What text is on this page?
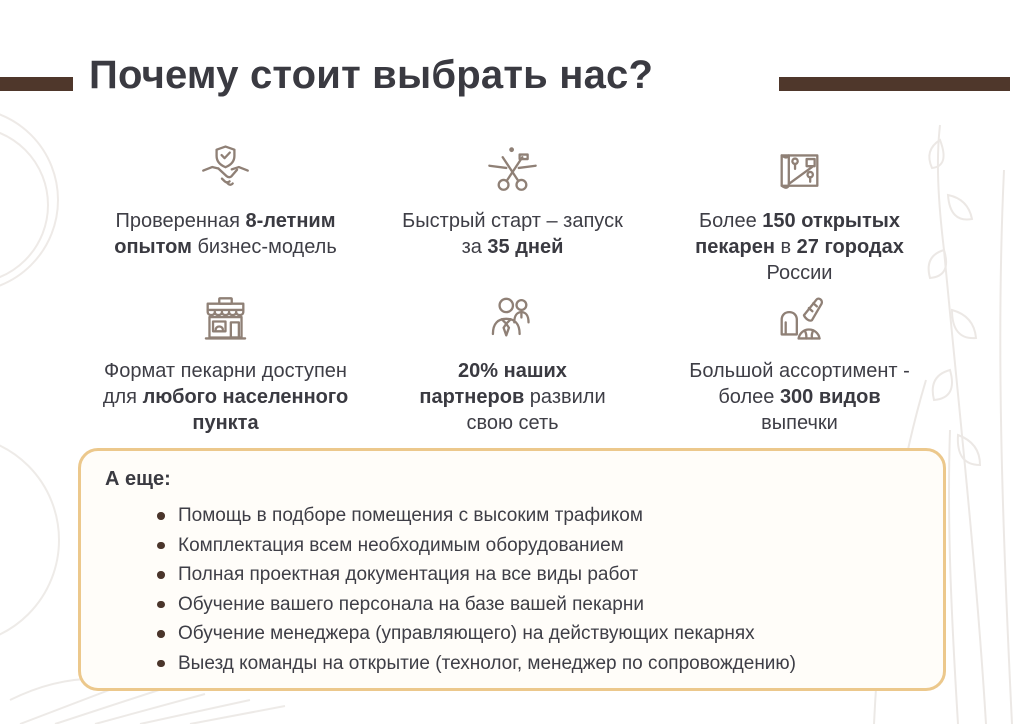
Почему стоит выбрать нас?
Проверенная 8-летним
опытом бизнес-модель
Быстрый старт – запуск
за 35 дней
Более 150 открытых
пекарен в 27 городах
России
Формат пекарни доступен
для любого населенного
пункта
20% наших
партнеров развили
свою сеть
Большой ассортимент -
более 300 видов
выпечки

А еще:

Помощь в подборе помещения с высоким трафиком
Комплектация всем необходимым оборудованием
Полная проектная документация на все виды работ
Обучение вашего персонала на базе вашей пекарни
Обучение менеджера (управляющего) на действующих пекарнях
Выезд команды на открытие (технолог, менеджер по сопровождению)
